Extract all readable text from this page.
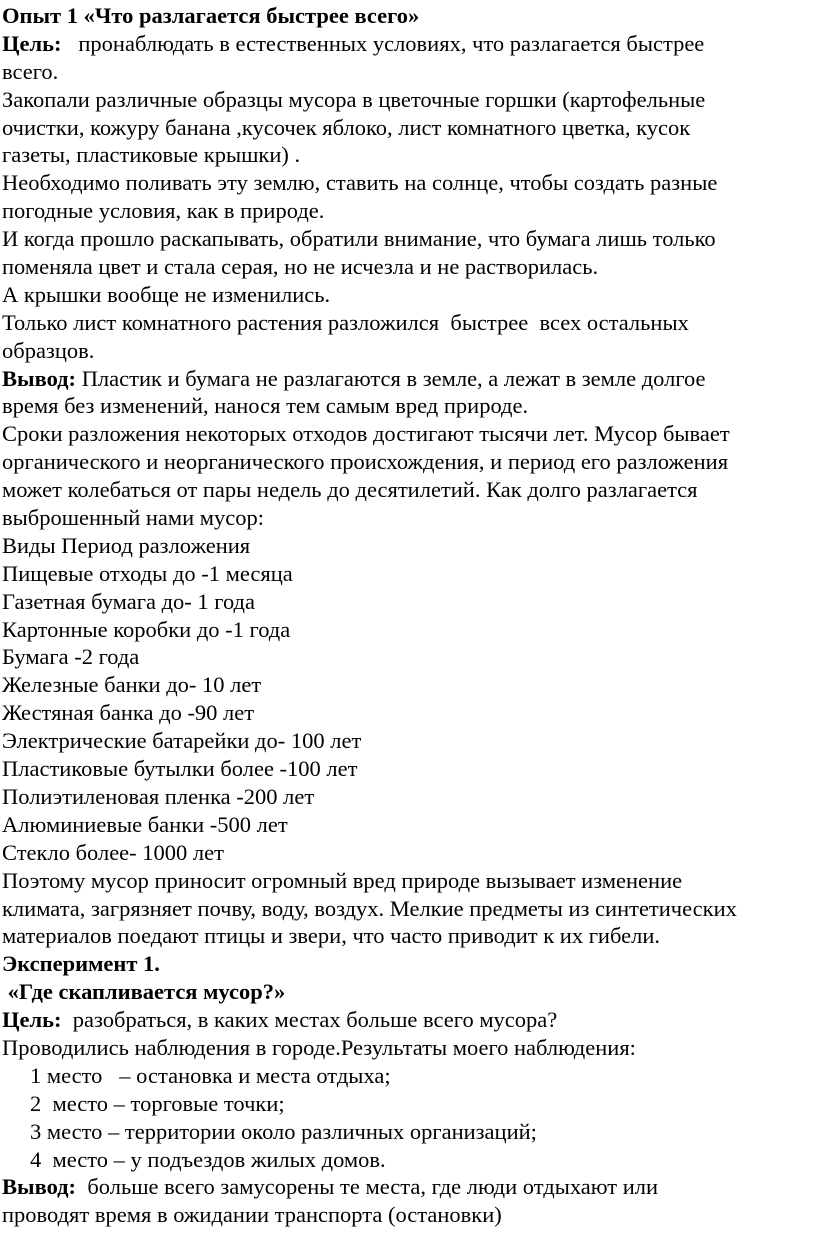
Опыт 1 «Что разлагается быстрее всего»
Цель:   пронаблюдать в естественных условиях, что разлагается быстрее
всего.
Закопали различные образцы мусора в цветочные горшки (картофельные
очистки, кожуру банана ,кусочек яблоко, лист комнатного цветка, кусок
газеты, пластиковые крышки) .
Необходимо поливать эту землю, ставить на солнце, чтобы создать разные
погодные условия, как в природе.
И когда прошло раскапывать, обратили внимание, что бумага лишь только
поменяла цвет и стала серая, но не исчезла и не растворилась.
А крышки вообще не изменились.
Только лист комнатного растения разложился  быстрее  всех остальных
образцов.
Вывод: Пластик и бумага не разлагаются в земле, а лежат в земле долгое
время без изменений, нанося тем самым вред природе.
Сроки разложения некоторых отходов достигают тысячи лет. Мусор бывает
органического и неорганического происхождения, и период его разложения
может колебаться от пары недель до десятилетий. Как долго разлагается
выброшенный нами мусор:
Виды Период разложения
Пищевые отходы до -1 месяца
Газетная бумага до- 1 года
Картонные коробки до -1 года
Бумага -2 года
Железные банки до- 10 лет
Жестяная банка до -90 лет
Электрические батарейки до- 100 лет
Пластиковые бутылки более -100 лет
Полиэтиленовая пленка -200 лет
Алюминиевые банки -500 лет
Стекло более- 1000 лет
Поэтому мусор приносит огромный вред природе вызывает изменение
климата, загрязняет почву, воду, воздух. Мелкие предметы из синтетических
материалов поедают птицы и звери, что часто приводит к их гибели.
Эксперимент 1.
«Где скапливается мусор?»
Цель:  разобраться, в каких местах больше всего мусора?
Проводились наблюдения в городе.Результаты моего наблюдения:
1 место   – остановка и места отдыха;
2  место – торговые точки;
3 место – территории около различных организаций;
4  место – у подъездов жилых домов.
Вывод:  больше всего замусорены те места, где люди отдыхают или
проводят время в ожидании транспорта (остановки)
